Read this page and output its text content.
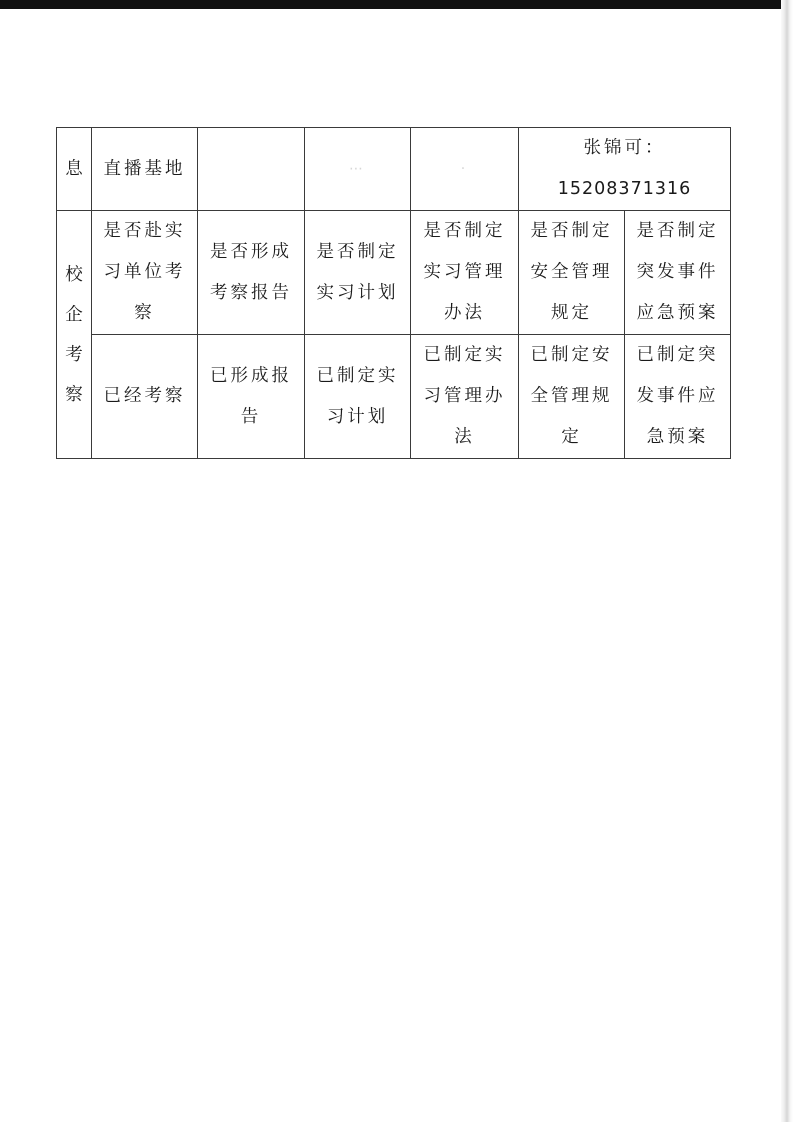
息	直播基地		⋯	·	张锦可：
15208371316	

校企考察	是否赴实习单位考察	是否形成考察报告	是否制定实习计划	是否制定实习管理办法	是否制定安全管理规定	是否制定突发事件应急预案
	已经考察	已形成报告	已制定实习计划	已制定实习管理办法	已制定安全管理规定	已制定突发事件应急预案
